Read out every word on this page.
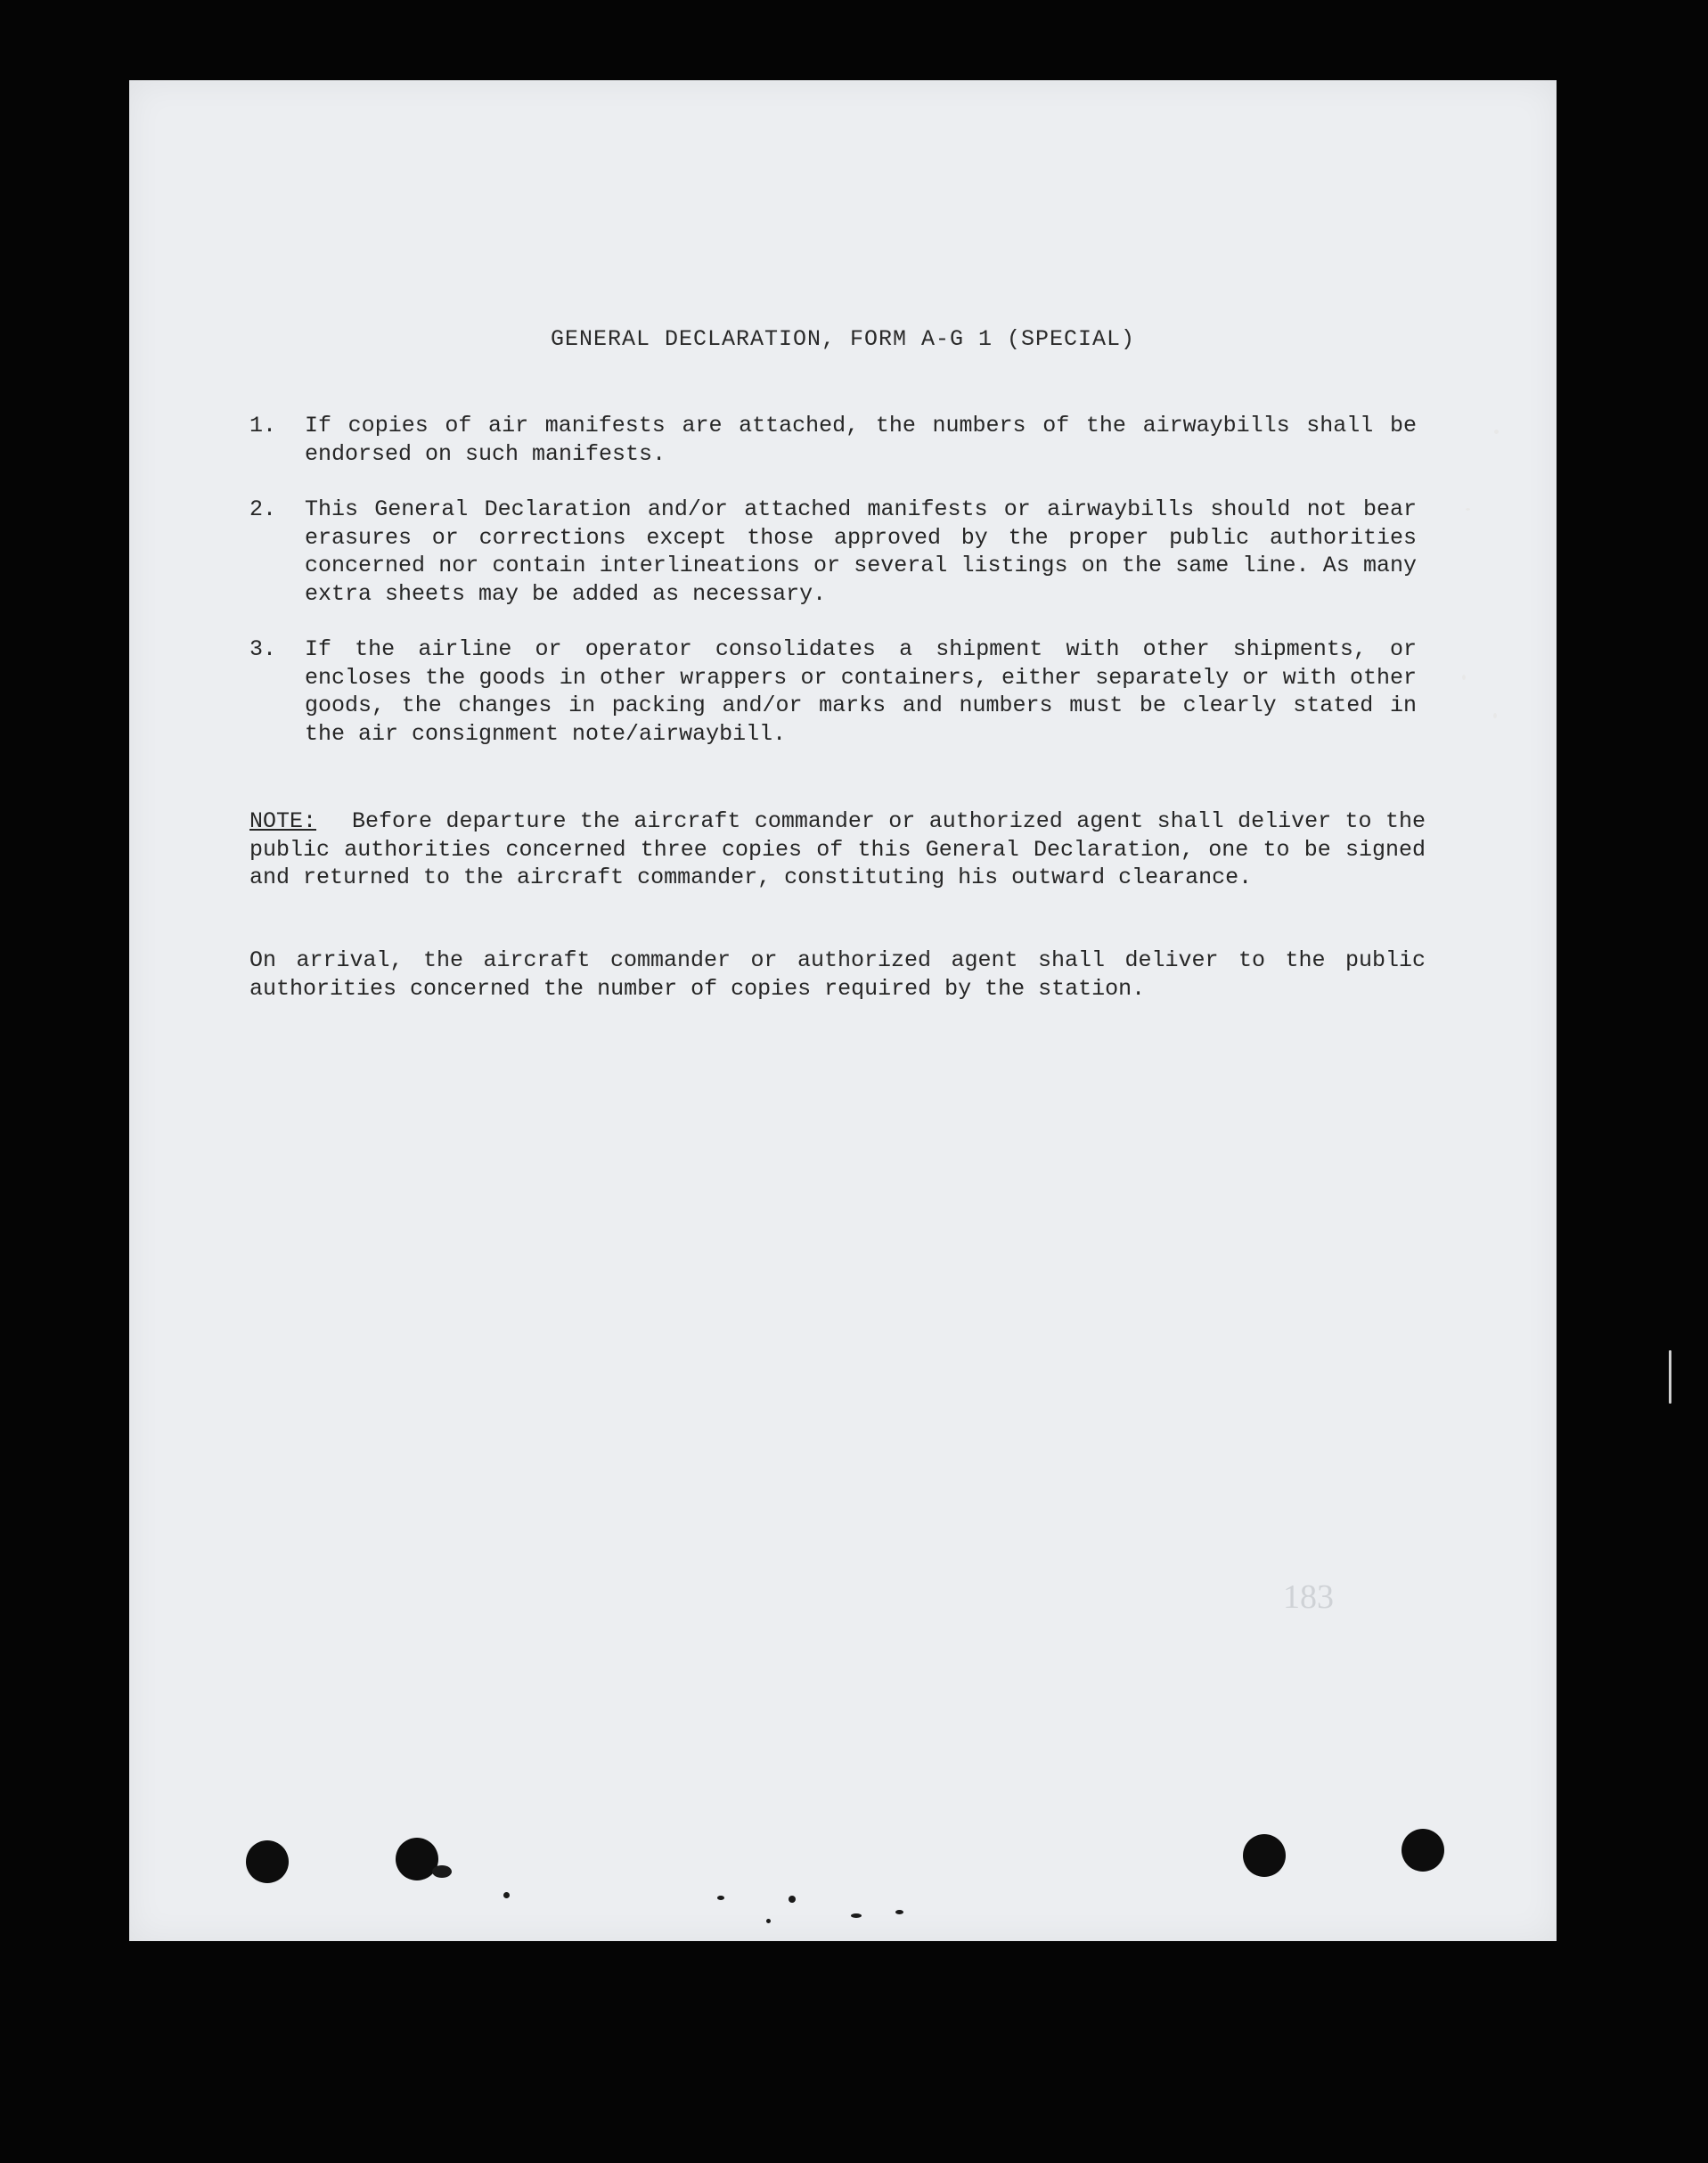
GENERAL DECLARATION, FORM A-G 1 (SPECIAL)
1.	If copies of air manifests are attached, the numbers of the airwaybills shall be endorsed on such manifests.
2.	This General Declaration and/or attached manifests or airwaybills should not bear erasures or corrections except those approved by the proper public authorities concerned nor contain interlineations or several listings on the same line. As many extra sheets may be added as necessary.
3.	If the airline or operator consolidates a shipment with other shipments, or encloses the goods in other wrappers or containers, either separately or with other goods, the changes in packing and/or marks and numbers must be clearly stated in the air consignment note/airwaybill.
NOTE: Before departure the aircraft commander or authorized agent shall deliver to the public authorities concerned three copies of this General Declaration, one to be signed and returned to the aircraft commander, constituting his outward clearance.
On arrival, the aircraft commander or authorized agent shall deliver to the public authorities concerned the number of copies required by the station.
183
